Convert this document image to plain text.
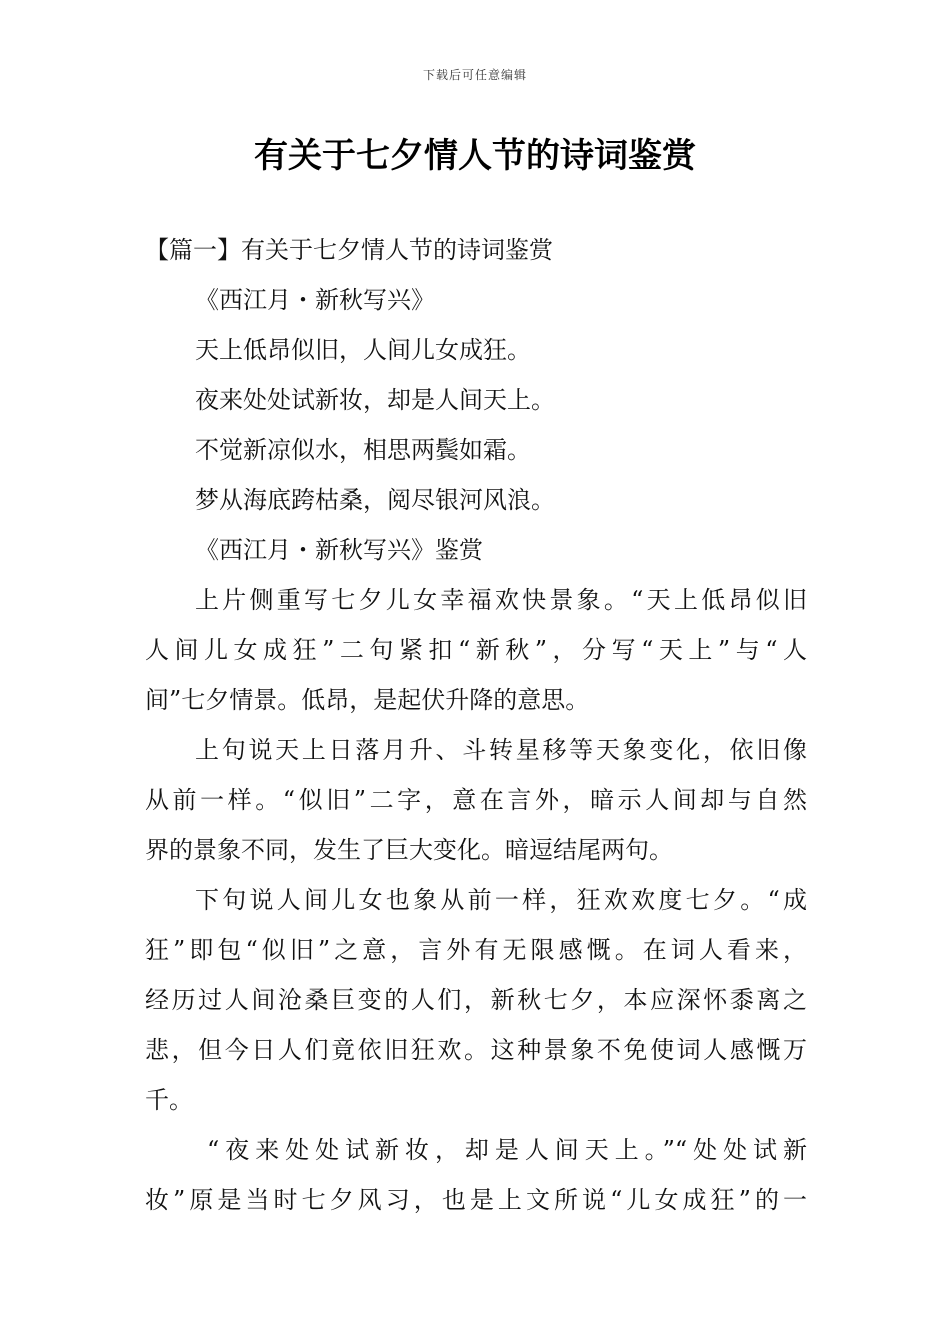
下载后可任意编辑
有关于七夕情人节的诗词鉴赏
【篇一】有关于七夕情人节的诗词鉴赏
《西江月・新秋写兴》
天上低昂似旧，人间儿女成狂。
夜来处处试新妆，却是人间天上。
不觉新凉似水，相思两鬓如霜。
梦从海底跨枯桑，阅尽银河风浪。
《西江月・新秋写兴》鉴赏
上片侧重写七夕儿女幸福欢快景象。“天上低昂似旧
人间儿女成狂”二句紧扣“新秋”，分写“天上”与“人
间”七夕情景。低昂，是起伏升降的意思。
上句说天上日落月升、斗转星移等天象变化，依旧像
从前一样。“似旧”二字，意在言外，暗示人间却与自然
界的景象不同，发生了巨大变化。暗逗结尾两句。
下句说人间儿女也象从前一样，狂欢欢度七夕。“成
狂”即包“似旧”之意，言外有无限感慨。在词人看来，
经历过人间沧桑巨变的人们，新秋七夕，本应深怀黍离之
悲，但今日人们竟依旧狂欢。这种景象不免使词人感慨万
千。
“夜来处处试新妆，却是人间天上。”“处处试新
妆”原是当时七夕风习，也是上文所说“儿女成狂”的一
